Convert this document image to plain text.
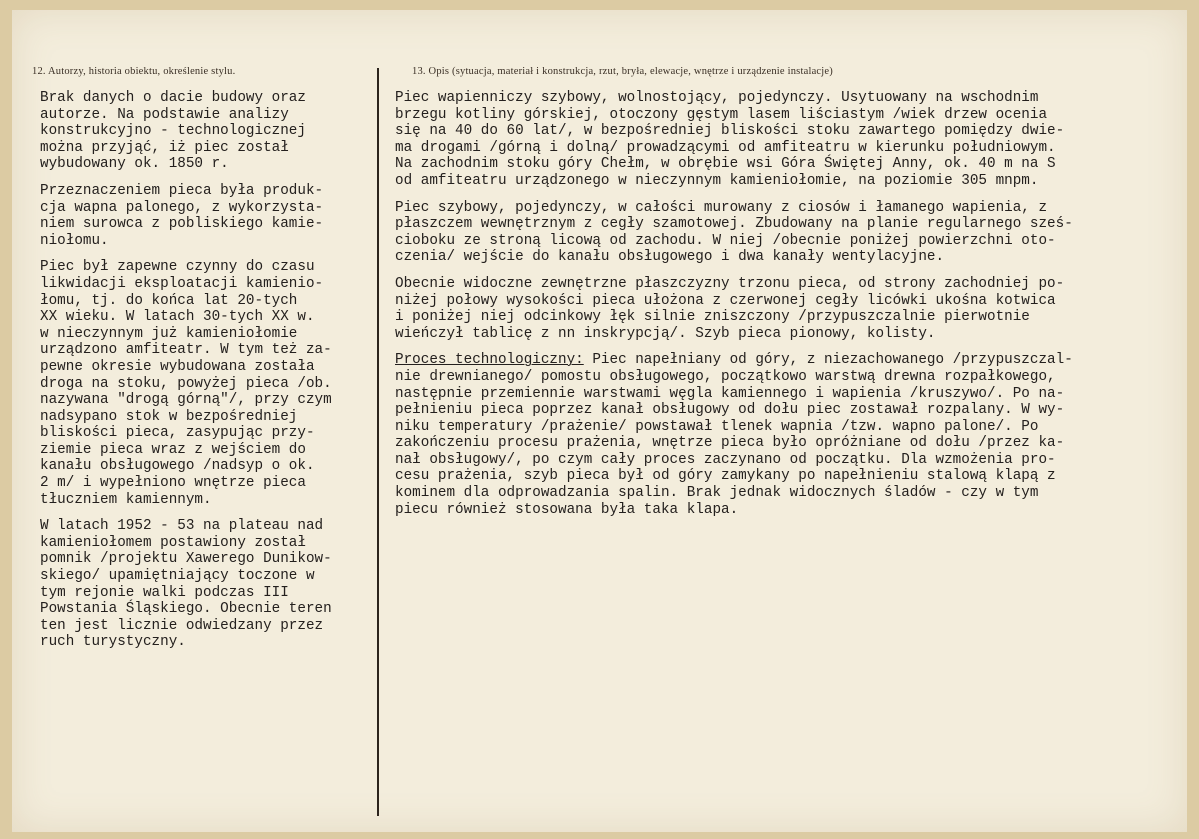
12. Autorzy, historia obiektu, określenie stylu.	13. Opis (sytuacja, materiał i konstrukcja, rzut, bryła, elewacje, wnętrze i urządzenie instalacje)

Brak danych o dacie budowy oraz
autorze. Na podstawie analizy
konstrukcyjno - technologicznej
można przyjąć, iż piec został
wybudowany ok. 1850 r.

Przeznaczeniem pieca była produk-
cja wapna palonego, z wykorzysta-
niem surowca z pobliskiego kamie-
niołomu.

Piec był zapewne czynny do czasu
likwidacji eksploatacji kamienio-
łomu, tj. do końca lat 20-tych
XX wieku. W latach 30-tych XX w.
w nieczynnym już kamieniołomie
urządzono amfiteatr. W tym też za-
pewne okresie wybudowana została
droga na stoku, powyżej pieca /ob.
nazywana "drogą górną"/, przy czym
nadsypano stok w bezpośredniej
bliskości pieca, zasypując przy-
ziemie pieca wraz z wejściem do
kanału obsługowego /nadsyp o ok.
2 m/ i wypełniono wnętrze pieca
tłuczniem kamiennym.

W latach 1952 - 53 na plateau nad
kamieniołomem postawiony został
pomnik /projektu Xawerego Dunikow-
skiego/ upamiętniający toczone w
tym rejonie walki podczas III
Powstania Śląskiego. Obecnie teren
ten jest licznie odwiedzany przez
ruch turystyczny.

Piec wapienniczy szybowy, wolnostojący, pojedynczy. Usytuowany na wschodnim
brzegu kotliny górskiej, otoczony gęstym lasem liściastym /wiek drzew ocenia
się na 40 do 60 lat/, w bezpośredniej bliskości stoku zawartego pomiędzy dwie-
ma drogami /górną i dolną/ prowadzącymi od amfiteatru w kierunku południowym.
Na zachodnim stoku góry Chełm, w obrębie wsi Góra Świętej Anny, ok. 40 m na S
od amfiteatru urządzonego w nieczynnym kamieniołomie, na poziomie 305 mnpm.

Piec szybowy, pojedynczy, w całości murowany z ciosów i łamanego wapienia, z
płaszczem wewnętrznym z cegły szamotowej. Zbudowany na planie regularnego sześ-
cioboku ze stroną licową od zachodu. W niej /obecnie poniżej powierzchni oto-
czenia/ wejście do kanału obsługowego i dwa kanały wentylacyjne.

Obecnie widoczne zewnętrzne płaszczyzny trzonu pieca, od strony zachodniej po-
niżej połowy wysokości pieca ułożona z czerwonej cegły licówki ukośna kotwica
i poniżej niej odcinkowy łęk silnie zniszczony /przypuszczalnie pierwotnie
wieńczył tablicę z nn inskrypcją/. Szyb pieca pionowy, kolisty.

Proces technologiczny: Piec napełniany od góry, z niezachowanego /przypuszczal-
nie drewnianego/ pomostu obsługowego, początkowo warstwą drewna rozpałkowego,
następnie przemiennie warstwami węgla kamiennego i wapienia /kruszywo/. Po na-
pełnieniu pieca poprzez kanał obsługowy od dołu piec zostawał rozpalany. W wy-
niku temperatury /prażenie/ powstawał tlenek wapnia /tzw. wapno palone/. Po
zakończeniu procesu prażenia, wnętrze pieca było opróżniane od dołu /przez ka-
nał obsługowy/, po czym cały proces zaczynano od początku. Dla wzmożenia pro-
cesu prażenia, szyb pieca był od góry zamykany po napełnieniu stalową klapą z
kominem dla odprowadzania spalin. Brak jednak widocznych śladów - czy w tym
piecu również stosowana była taka klapa.
